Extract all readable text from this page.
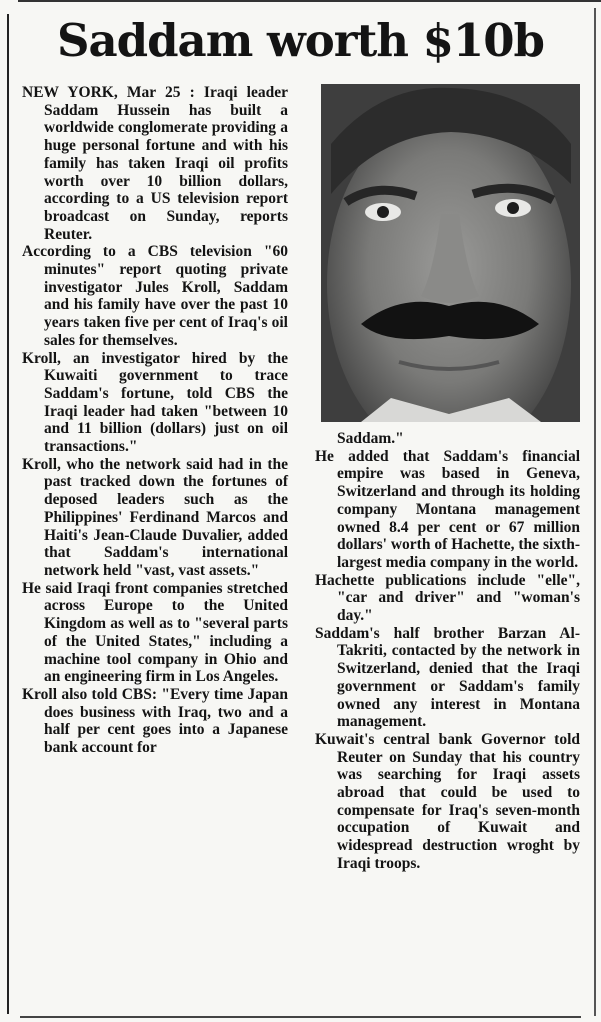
Saddam worth $10b

NEW YORK, Mar 25 : Iraqi leader Saddam Hussein has built a worldwide conglomerate providing a huge personal fortune and with his family has taken Iraqi oil profits worth over 10 billion dollars, according to a US television report broadcast on Sunday, reports Reuter.

According to a CBS television "60 minutes" report quoting private investigator Jules Kroll, Saddam and his family have over the past 10 years taken five per cent of Iraq's oil sales for themselves.

Kroll, an investigator hired by the Kuwaiti government to trace Saddam's fortune, told CBS the Iraqi leader had taken "between 10 and 11 billion (dollars) just on oil transactions."

Kroll, who the network said had in the past tracked down the fortunes of deposed leaders such as the Philippines' Ferdinand Marcos and Haiti's Jean-Claude Duvalier, added that Saddam's international network held "vast, vast assets."

He said Iraqi front companies stretched across Europe to the United Kingdom as well as to "several parts of the United States," including a machine tool company in Ohio and an engineering firm in Los Angeles.

Kroll also told CBS: "Every time Japan does business with Iraq, two and a half per cent goes into a Japanese bank account for

Saddam."

He added that Saddam's financial empire was based in Geneva, Switzerland and through its holding company Montana management owned 8.4 per cent or 67 million dollars' worth of Hachette, the sixth-largest media company in the world.

Hachette publications include "elle", "car and driver" and "woman's day."

Saddam's half brother Barzan Al-Takriti, contacted by the network in Switzerland, denied that the Iraqi government or Saddam's family owned any interest in Montana management.

Kuwait's central bank Governor told Reuter on Sunday that his country was searching for Iraqi assets abroad that could be used to compensate for Iraq's seven-month occupation of Kuwait and widespread destruction wroght by Iraqi troops.
